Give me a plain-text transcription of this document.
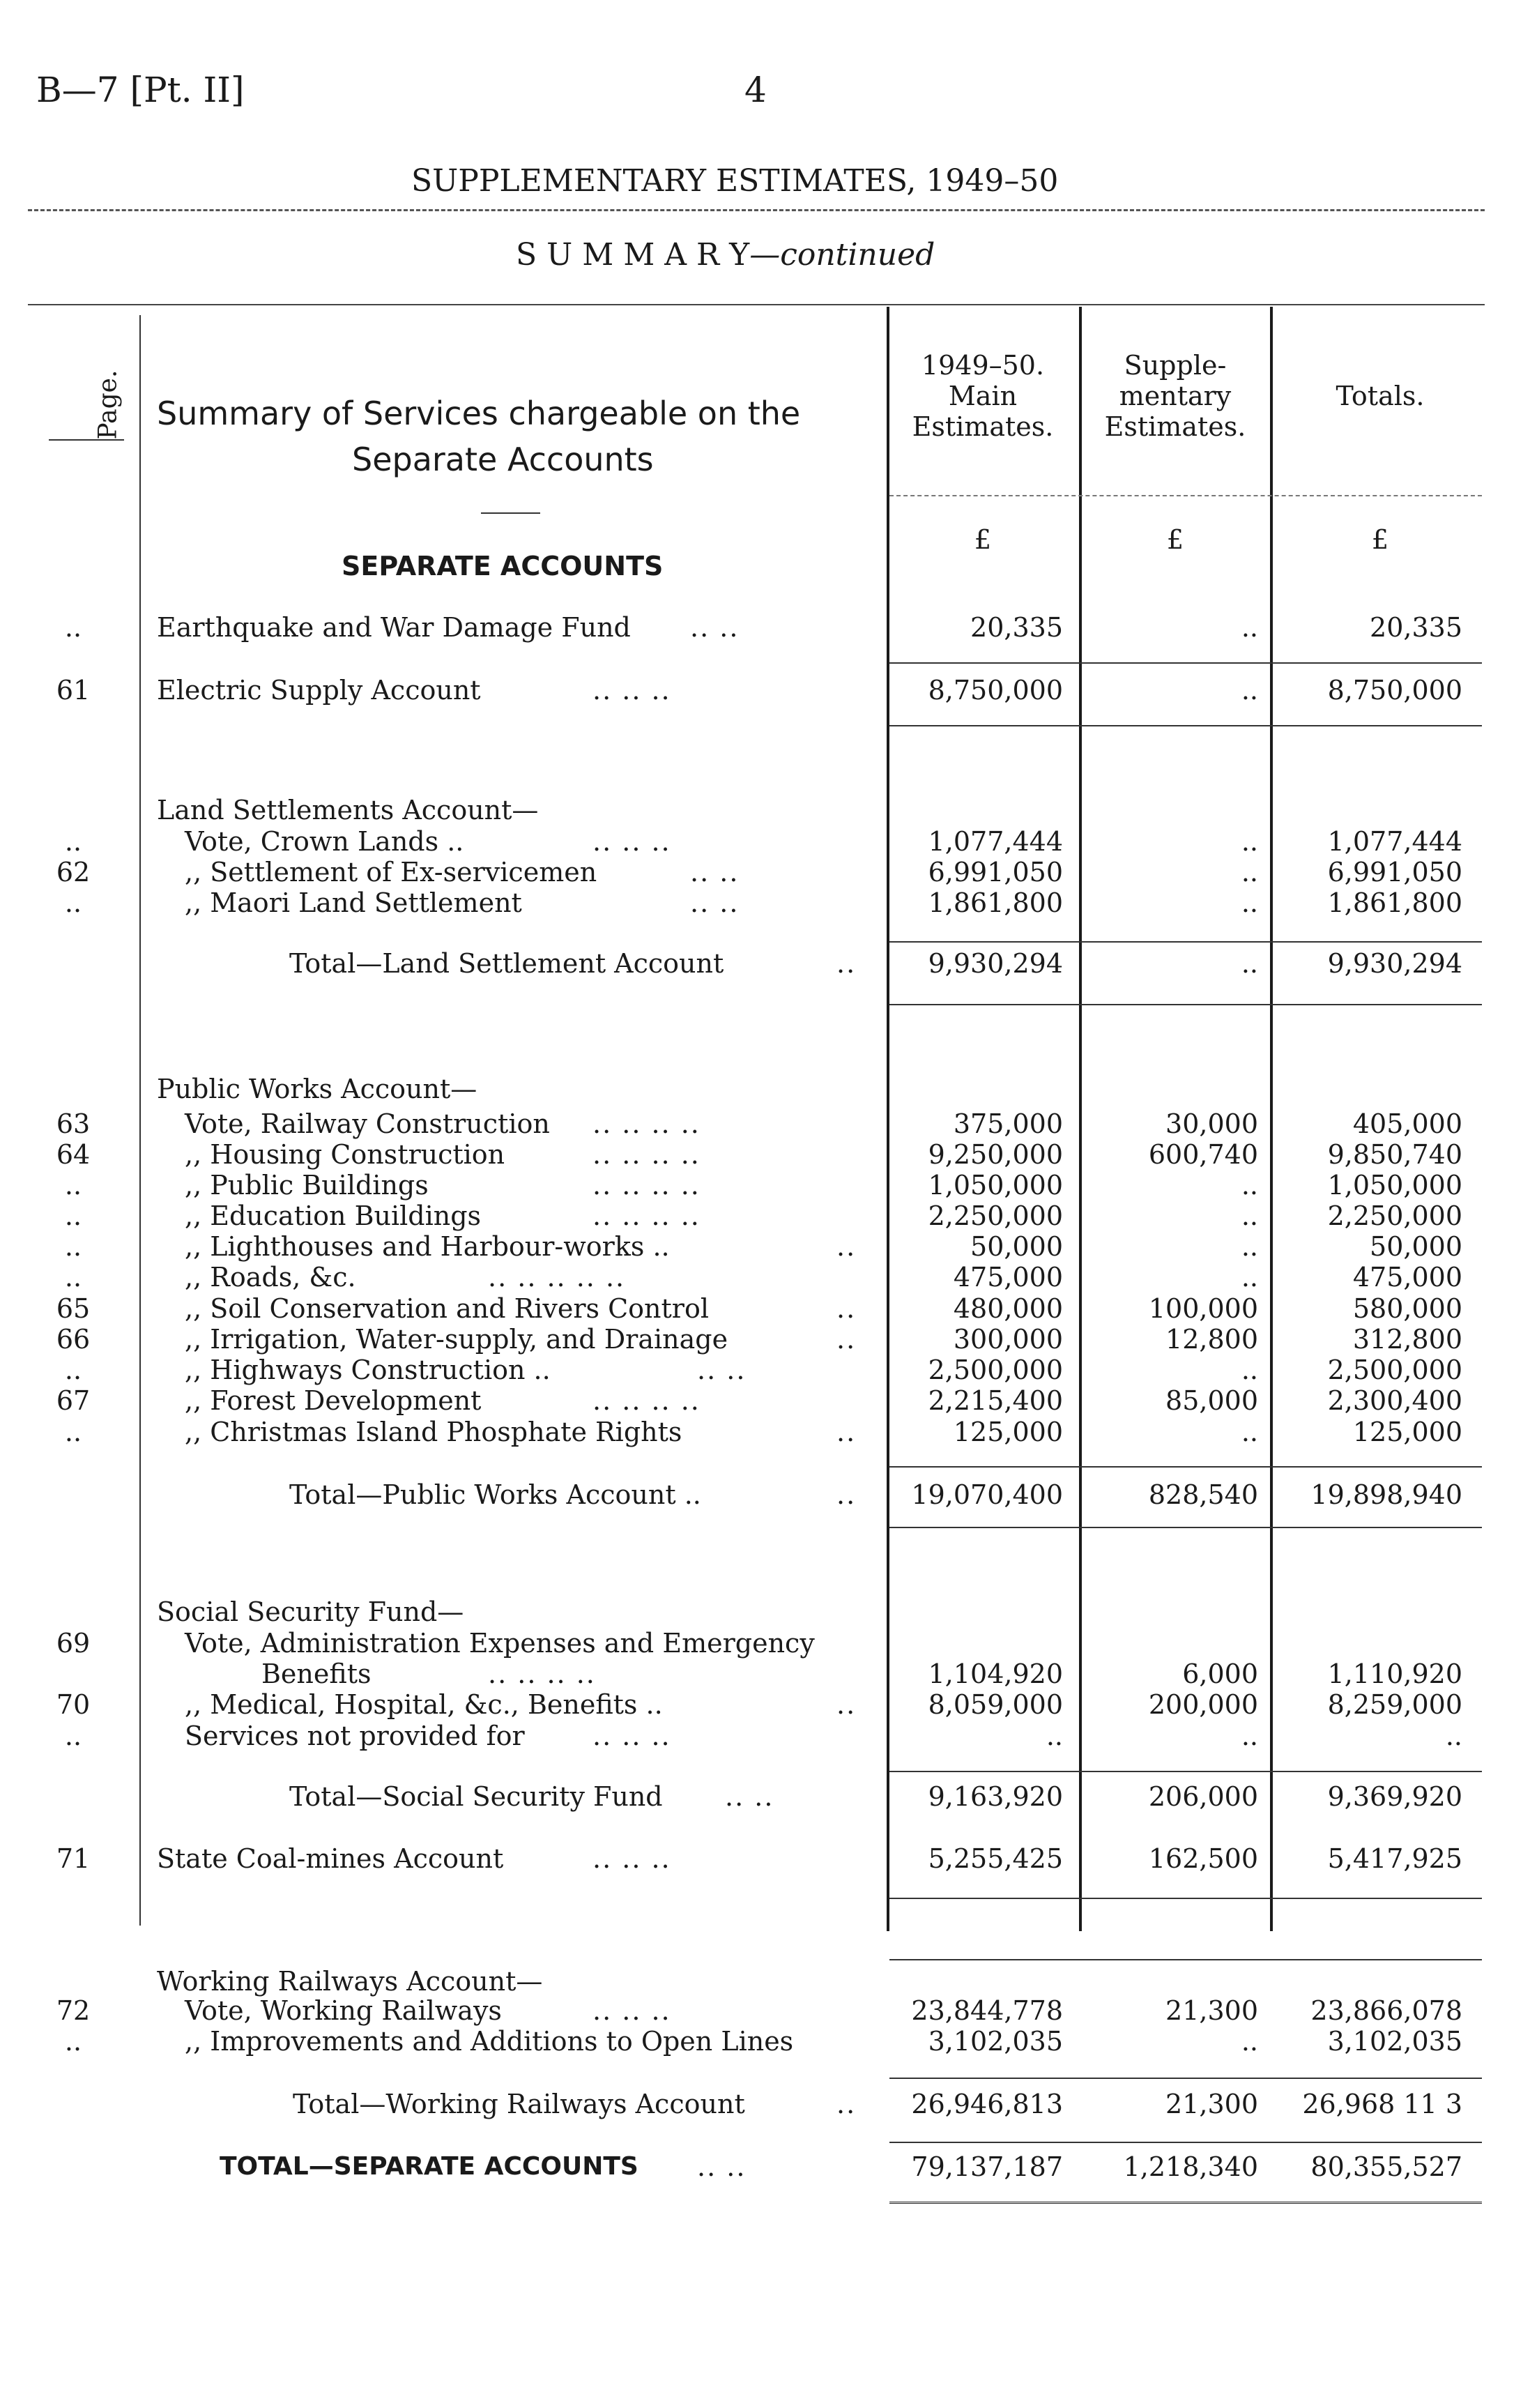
B—7 [Pt. II]	4
SUPPLEMENTARY ESTIMATES, 1949–50
S U M M A R Y—continued
Page. Summary of Services chargeable on the
Separate Accounts
1949–50.
Main
Estimates.
Supple-
mentary
Estimates.
Totals.
£	£	£
SEPARATE ACCOUNTS
..	Earthquake and War Damage Fund .. ..	20,335	..	20,335
61	Electric Supply Account	.. .. ..	8,750,000	..	8,750,000
Land Settlements Account—
..	Vote, Crown Lands ..	.. .. ..	1,077,444	..	1,077,444
62	,, Settlement of Ex-servicemen	.. ..	6,991,050	..	6,991,050
..	,, Maori Land Settlement	.. ..	1,861,800	..	1,861,800
Total—Land Settlement Account	..	9,930,294	..	9,930,294
Public Works Account—
63	Vote, Railway Construction .. .. .. ..	375,000	30,000	405,000
64	,, Housing Construction	.. .. .. ..	9,250,000	600,740	9,850,740
..	,, Public Buildings	.. .. .. ..	1,050,000	..	1,050,000
..	,, Education Buildings	.. .. .. ..	2,250,000	..	2,250,000
..	,, Lighthouses and Harbour-works ..	..	50,000	..	50,000
..	,, Roads, &c.	.. .. .. .. ..	475,000	..	475,000
65	,, Soil Conservation and Rivers Control	..	480,000	100,000	580,000
66	,, Irrigation, Water-supply, and Drainage	..	300,000	12,800	312,800
..	,, Highways Construction ..	.. ..	2,500,000	..	2,500,000
67	,, Forest Development	.. .. .. ..	2,215,400	85,000	2,300,400
..	,, Christmas Island Phosphate Rights	..	125,000	..	125,000
Total—Public Works Account ..	..	19,070,400	828,540	19,898,940
Social Security Fund—
69	Vote, Administration Expenses and Emergency
Benefits	.. .. .. ..	1,104,920	6,000	1,110,920
70	,, Medical, Hospital, &c., Benefits ..	..	8,059,000	200,000	8,259,000
..	Services not provided for	.. .. ..	..	..	..
Total—Social Security Fund .. ..	9,163,920	206,000	9,369,920
71	State Coal-mines Account	.. .. ..	5,255,425	162,500	5,417,925
Working Railways Account—
72	Vote, Working Railways	.. .. ..	23,844,778	21,300	23,866,078
..	,, Improvements and Additions to Open Lines	3,102,035	..	3,102,035
Total—Working Railways Account	..	26,946,813	21,300	26,968 11 3
TOTAL—SEPARATE ACCOUNTS .. ..	79,137,187	1,218,340	80,355,527
